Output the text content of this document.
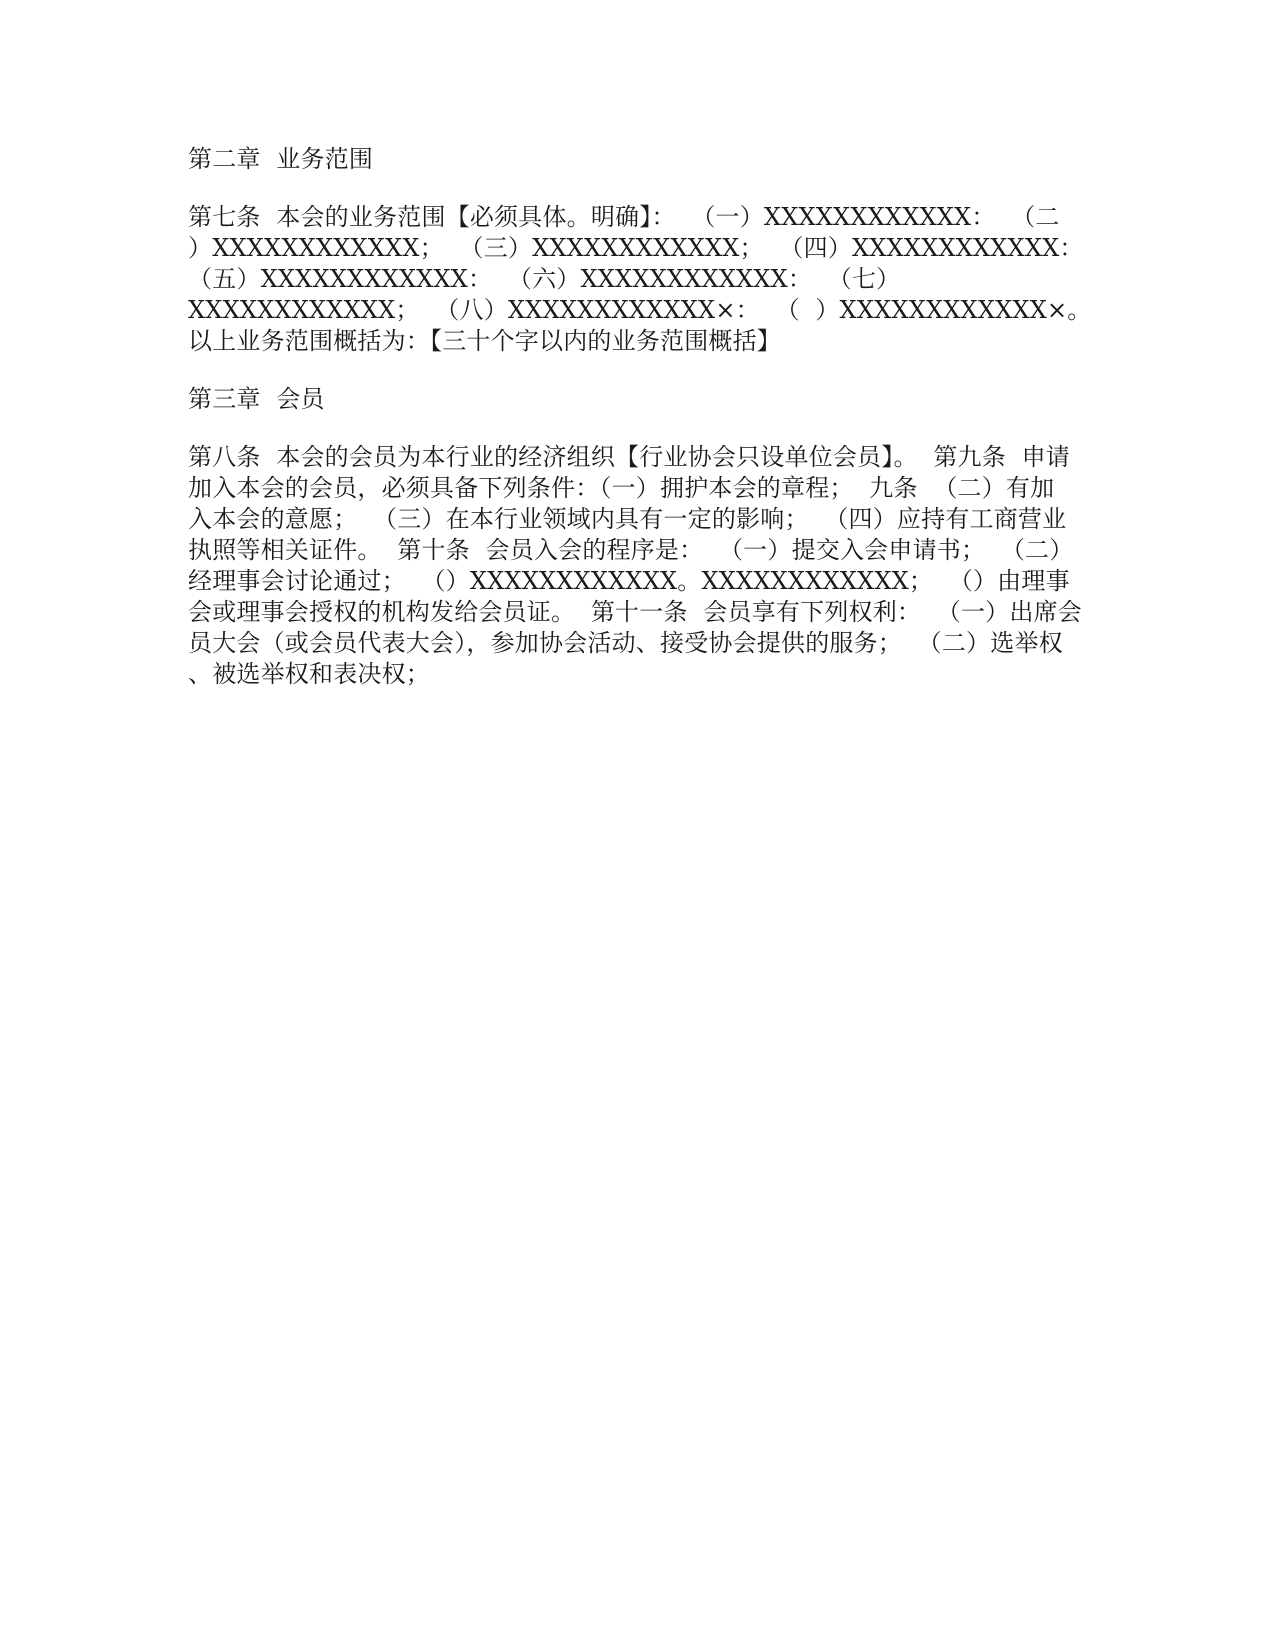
第二章  业务范围
第七条  本会的业务范围【必须具体。明确】：  （一）XXXXXXXXXXXX：  （二
）XXXXXXXXXXXX；  （三）XXXXXXXXXXXX；  （四）XXXXXXXXXXXX：
（五）XXXXXXXXXXXX：  （六）XXXXXXXXXXXX：  （七）
XXXXXXXXXXXX；  （八）XXXXXXXXXXXX×：  （  ）XXXXXXXXXXXX×。
以上业务范围概括为：【三十个字以内的业务范围概括】
第三章  会员
第八条  本会的会员为本行业的经济组织【行业协会只设单位会员】。  第九条  申请
加入本会的会员，必须具备下列条件：（一）拥护本会的章程；  九条  （二）有加
入本会的意愿；  （三）在本行业领域内具有一定的影响；  （四）应持有工商营业
执照等相关证件。  第十条  会员入会的程序是：  （一）提交入会申请书；  （二）
经理事会讨论通过；  （）XXXXXXXXXXXX。XXXXXXXXXXXX；  （）由理事
会或理事会授权的机构发给会员证。  第十一条  会员享有下列权利：  （一）出席会
员大会（或会员代表大会），参加协会活动、接受协会提供的服务；  （二）选举权
、被选举权和表决权；
